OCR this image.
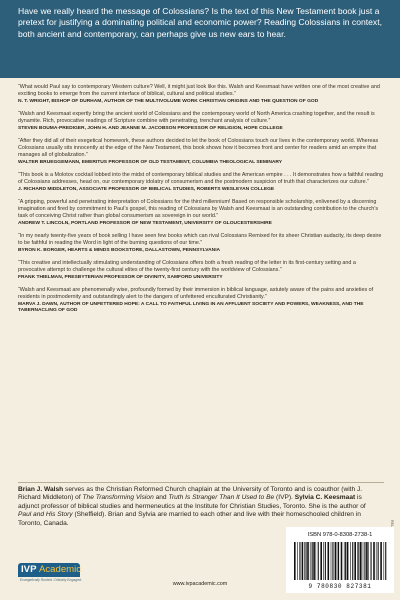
Have we really heard the message of Colossians? Is the text of this New Testament book just a pretext for justifying a dominating political and economic power? Reading Colossians in context, both ancient and contemporary, can perhaps give us new ears to hear.

“What would Paul say to contemporary Western culture? Well, it might just look like this. Walsh and Keesmaat have written one of the most creative and exciting books to emerge from the current interface of biblical, cultural and political studies.”

N. T. WRIGHT, BISHOP OF DURHAM, AUTHOR OF THE MULTIVOLUME WORK CHRISTIAN ORIGINS AND THE QUESTION OF GOD

“Walsh and Keesmaat expertly bring the ancient world of Colossians and the contemporary world of North America crashing together, and the result is dynamite. Rich, provocative readings of Scripture combine with penetrating, trenchant analysis of culture.”

STEVEN BOUMA-PREDIGER, JOHN H. AND JEANNE M. JACOBSON PROFESSOR OF RELIGION, HOPE COLLEGE

“After they did all of their exegetical homework, these authors decided to let the book of Colossians touch our lives in the contemporary world. Whereas Colossians usually sits innocently at the edge of the New Testament, this book shows how it becomes front and center for readers amid an empire that manages all of globalization.”

WALTER BRUEGGEMANN, EMERITUS PROFESSOR OF OLD TESTAMENT, COLUMBIA THEOLOGICAL SEMINARY

“This book is a Molotov cocktail lobbed into the midst of contemporary biblical studies and the American empire . . . It demonstrates how a faithful reading of Colossians addresses, head on, our contemporary idolatry of consumerism and the postmodern suspicion of truth that characterizes our culture.”

J. RICHARD MIDDLETON, ASSOCIATE PROFESSOR OF BIBLICAL STUDIES, ROBERTS WESLEYAN COLLEGE

“A gripping, powerful and penetrating interpretation of Colossians for the third millennium! Based on responsible scholarship, enlivened by a discerning imagination and fired by commitment to Paul’s gospel, this reading of Colossians by Walsh and Keesmaat is an outstanding contribution to the church’s task of conceiving Christ rather than global consumerism as sovereign in our world.”

ANDREW T. LINCOLN, PORTLAND PROFESSOR OF NEW TESTAMENT, UNIVERSITY OF GLOUCESTERSHIRE

“In my nearly twenty-five years of book selling I have seen few books which can rival Colossians Remixed for its sheer Christian audacity, its deep desire to be faithful in reading the Word in light of the burning questions of our time.”

BYRON K. BORGER, HEARTS & MINDS BOOKSTORE, DALLASTOWN, PENNSYLVANIA

“This creative and intellectually stimulating understanding of Colossians offers both a fresh reading of the letter in its first-century setting and a provocative attempt to challenge the cultural elites of the twenty-first century with the worldview of Colossians.”

FRANK THIELMAN, PRESBYTERIAN PROFESSOR OF DIVINITY, SAMFORD UNIVERSITY

“Walsh and Keesmaat are phenomenally wise, profoundly formed by their immersion in biblical language, astutely aware of the pains and anxieties of residents in postmodernity and outstandingly alert to the dangers of unfettered enculturated Christianity.”

MARVA J. DAWN, AUTHOR OF UNFETTERED HOPE: A CALL TO FAITHFUL LIVING IN AN AFFLUENT SOCIETY AND POWERS, WEAKNESS, AND THE TABERNACLING OF GOD

Brian J. Walsh serves as the Christian Reformed Church chaplain at the University of Toronto and is coauthor (with J. Richard Middleton) of The Transforming Vision and Truth Is Stranger Than It Used to Be (IVP). Sylvia C. Keesmaat is adjunct professor of biblical studies and hermeneutics at the Institute for Christian Studies, Toronto. She is the author of Paul and His Story (Sheffield). Brian and Sylvia are married to each other and live with their homeschooled children in Toronto, Canada.

IVP Academic
Evangelically Rooted. Critically Engaged.
www.ivpacademic.com
ISBN 978-0-8308-2738-1
9 780830 827381
